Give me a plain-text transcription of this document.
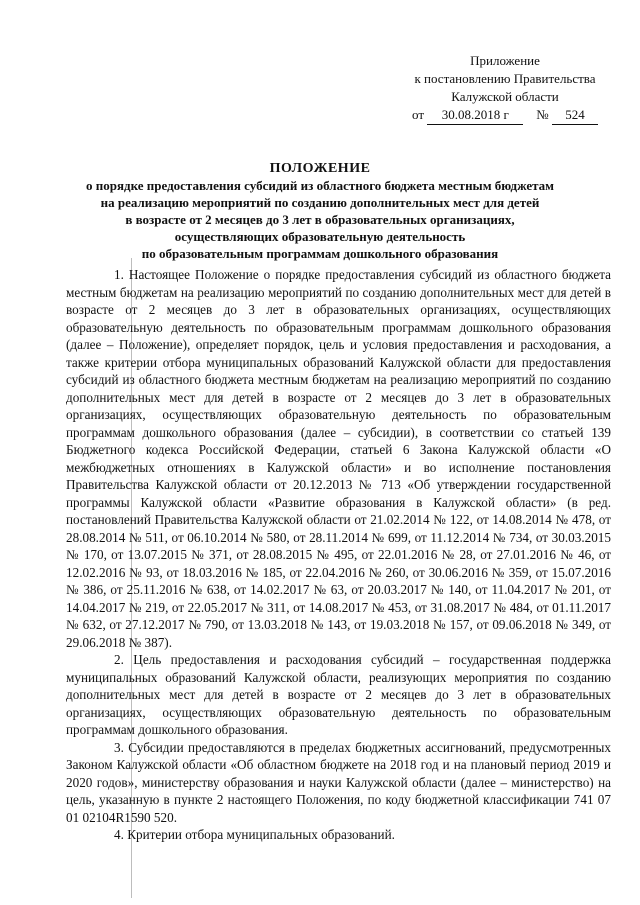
Приложение
к постановлению Правительства
Калужской области
от 30.08.2018 г № 524
ПОЛОЖЕНИЕ
о порядке предоставления субсидий из областного бюджета местным бюджетам
на реализацию мероприятий по созданию дополнительных мест для детей
в возрасте от 2 месяцев до 3 лет в образовательных организациях,
осуществляющих образовательную деятельность
по образовательным программам дошкольного образования

1. Настоящее Положение о порядке предоставления субсидий из областного бюджета местным бюджетам на реализацию мероприятий по созданию дополнительных мест для детей в возрасте от 2 месяцев до 3 лет в образовательных организациях, осуществляющих образовательную деятельность по образовательным программам дошкольного образования (далее – Положение), определяет порядок, цель и условия предоставления и расходования, а также критерии отбора муниципальных образований Калужской области для предоставления субсидий из областного бюджета местным бюджетам на реализацию мероприятий по созданию дополнительных мест для детей в возрасте от 2 месяцев до 3 лет в образовательных организациях, осуществляющих образовательную деятельность по образовательным программам дошкольного образования (далее – субсидии), в соответствии со статьей 139 Бюджетного кодекса Российской Федерации, статьей 6 Закона Калужской области «О межбюджетных отношениях в Калужской области» и во исполнение постановления Правительства Калужской области от 20.12.2013 № 713 «Об утверждении государственной программы Калужской области «Развитие образования в Калужской области» (в ред. постановлений Правительства Калужской области от 21.02.2014 № 122, от 14.08.2014 № 478, от 28.08.2014 № 511, от 06.10.2014 № 580, от 28.11.2014 № 699, от 11.12.2014 № 734, от 30.03.2015 № 170, от 13.07.2015 № 371, от 28.08.2015 № 495, от 22.01.2016 № 28, от 27.01.2016 № 46, от 12.02.2016 № 93, от 18.03.2016 № 185, от 22.04.2016 № 260, от 30.06.2016 № 359, от 15.07.2016 № 386, от 25.11.2016 № 638, от 14.02.2017 № 63, от 20.03.2017 № 140, от 11.04.2017 № 201, от 14.04.2017 № 219, от 22.05.2017 № 311, от 14.08.2017 № 453, от 31.08.2017 № 484, от 01.11.2017 № 632, от 27.12.2017 № 790, от 13.03.2018 № 143, от 19.03.2018 № 157, от 09.06.2018 № 349, от 29.06.2018 № 387).

2. Цель предоставления и расходования субсидий – государственная поддержка муниципальных образований Калужской области, реализующих мероприятия по созданию дополнительных мест для детей в возрасте от 2 месяцев до 3 лет в образовательных организациях, осуществляющих образовательную деятельность по образовательным программам дошкольного образования.

3. Субсидии предоставляются в пределах бюджетных ассигнований, предусмотренных Законом Калужской области «Об областном бюджете на 2018 год и на плановый период 2019 и 2020 годов», министерству образования и науки Калужской области (далее – министерство) на цель, указанную в пункте 2 настоящего Положения, по коду бюджетной классификации 741 07 01 02104R1590 520.

4. Критерии отбора муниципальных образований.
